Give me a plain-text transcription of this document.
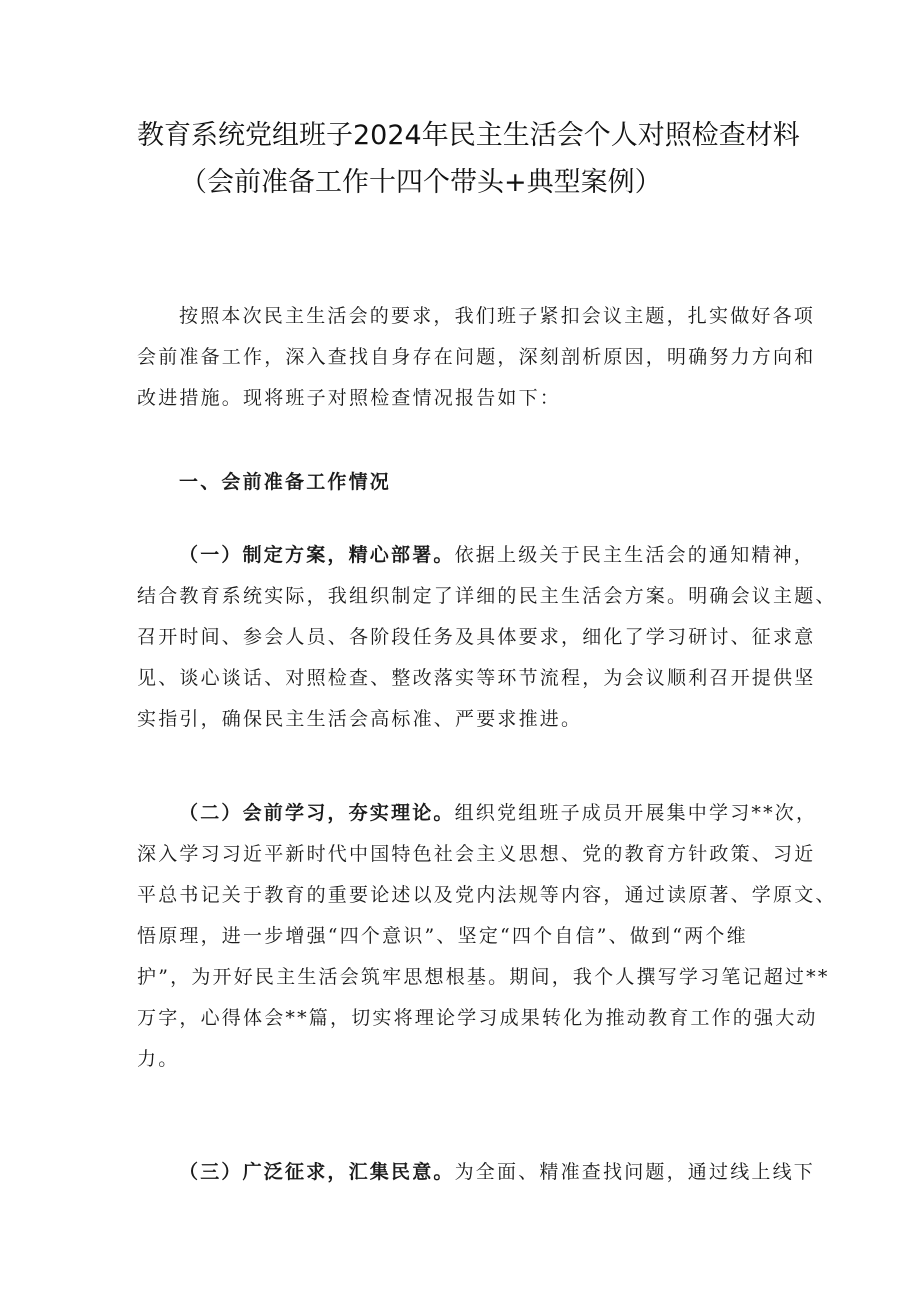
教育系统党组班子2024年民主生活会个人对照检查材料
（会前准备工作十四个带头+典型案例）
按照本次民主生活会的要求，我们班子紧扣会议主题，扎实做好各项
会前准备工作，深入查找自身存在问题，深刻剖析原因，明确努力方向和
改进措施。现将班子对照检查情况报告如下：
一、会前准备工作情况
（一）制定方案，精心部署。依据上级关于民主生活会的通知精神，
结合教育系统实际，我组织制定了详细的民主生活会方案。明确会议主题、
召开时间、参会人员、各阶段任务及具体要求，细化了学习研讨、征求意
见、谈心谈话、对照检查、整改落实等环节流程，为会议顺利召开提供坚
实指引，确保民主生活会高标准、严要求推进。
（二）会前学习，夯实理论。组织党组班子成员开展集中学习**次，
深入学习习近平新时代中国特色社会主义思想、党的教育方针政策、习近
平总书记关于教育的重要论述以及党内法规等内容，通过读原著、学原文、
悟原理，进一步增强“四个意识”、坚定“四个自信”、做到“两个维
护”，为开好民主生活会筑牢思想根基。期间，我个人撰写学习笔记超过**
万字，心得体会**篇，切实将理论学习成果转化为推动教育工作的强大动
力。
（三）广泛征求，汇集民意。为全面、精准查找问题，通过线上线下
